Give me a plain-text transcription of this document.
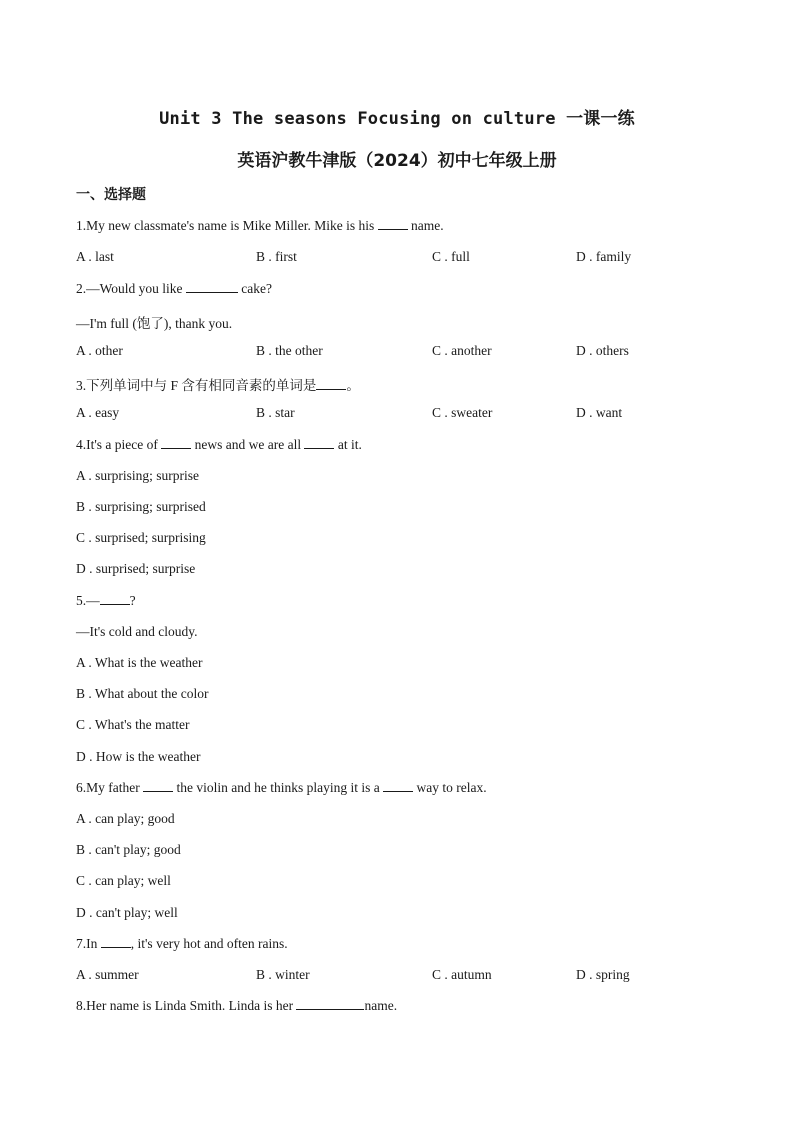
Unit 3 The seasons Focusing on culture 一课一练
英语沪教牛津版（2024）初中七年级上册
一、选择题
1.My new classmate's name is Mike Miller. Mike is his  name.
A . last	B . first	C . full	D . family
2.—Would you like	cake?
—I'm full (饱了), thank you.
A . other	B . the other	C . another	D . others
3.下列单词中与 F 含有相同音素的单词是 。
A . easy	B . star	C . sweater	D . want
4.It's a piece of  news and we are all  at it.
A . surprising; surprise
B . surprising; surprised
C . surprised; surprising
D . surprised; surprise
5.— ?
—It's cold and cloudy.
A . What is the weather
B . What about the color
C . What's the matter
D . How is the weather
6.My father  the violin and he thinks playing it is a  way to relax.
A . can play; good
B . can't play; good
C . can play; well
D . can't play; well
7.In , it's very hot and often rains.
A . summer	B . winter	C . autumn	D . spring
8.Her name is Linda Smith. Linda is her	name.
